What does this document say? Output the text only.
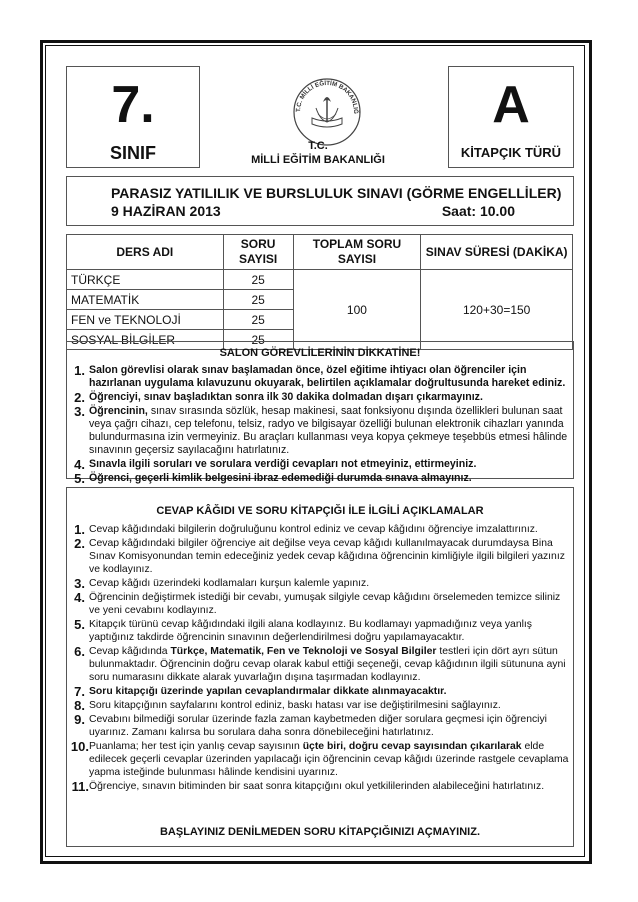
7.
SINIF
T.C. MİLLİ EĞİTİM BAKANLIĞ
T.C.
MİLLİ EĞİTİM BAKANLIĞI
A
KİTAPÇIK TÜRÜ
PARASIZ YATILILIK VE BURSLULUK SINAVI (GÖRME ENGELLİLER)
9 HAZİRAN 2013	Saat: 10.00
DERS ADI	SORU SAYISI	TOPLAM SORU SAYISI	SINAV SÜRESİ (DAKİKA)
TÜRKÇE	25	100	120+30=150
MATEMATİK	25		
FEN ve TEKNOLOJİ	25		
SOSYAL BİLGİLER	25		
SALON GÖREVLİLERİNİN DİKKATİNE!
1. Salon görevlisi olarak sınav başlamadan önce, özel eğitime ihtiyacı olan öğrenciler için hazırlanan uygulama kılavuzunu okuyarak, belirtilen açıklamalar doğrultusunda hareket ediniz.
2. Öğrenciyi, sınav başladıktan sonra ilk 30 dakika dolmadan dışarı çıkarmayınız.
3. Öğrencinin, sınav sırasında sözlük, hesap makinesi, saat fonksiyonu dışında özellikleri bulunan saat veya çağrı cihazı, cep telefonu, telsiz, radyo ve bilgisayar özelliği bulunan elektronik cihazları yanında bulundurmasına izin vermeyiniz. Bu araçları kullanması veya kopya çekmeye teşebbüs etmesi hâlinde sınavının geçersiz sayılacağını hatırlatınız.
4. Sınavla ilgili soruları ve sorulara verdiği cevapları not etmeyiniz, ettirmeyiniz.
5. Öğrenci, geçerli kimlik belgesini ibraz edemediği durumda sınava almayınız.
CEVAP KÂĞIDI VE SORU KİTAPÇIĞI İLE İLGİLİ AÇIKLAMALAR
1. Cevap kâğıdındaki bilgilerin doğruluğunu kontrol ediniz ve cevap kâğıdını öğrenciye imzalattırınız.
2. Cevap kâğıdındaki bilgiler öğrenciye ait değilse veya cevap kâğıdı kullanılmayacak durumdaysa Bina Sınav Komisyonundan temin edeceğiniz yedek cevap kâğıdına öğrencinin kimliğiyle ilgili bilgileri yazınız ve kodlayınız.
3. Cevap kâğıdı üzerindeki kodlamaları kurşun kalemle yapınız.
4. Öğrencinin değiştirmek istediği bir cevabı, yumuşak silgiyle cevap kâğıdını örselemeden temizce siliniz ve yeni cevabını kodlayınız.
5. Kitapçık türünü cevap kâğıdındaki ilgili alana kodlayınız. Bu kodlamayı yapmadığınız veya yanlış yaptığınız takdirde öğrencinin sınavının değerlendirilmesi doğru yapılamayacaktır.
6. Cevap kâğıdında Türkçe, Matematik, Fen ve Teknoloji ve Sosyal Bilgiler testleri için dört ayrı sütun bulunmaktadır. Öğrencinin doğru cevap olarak kabul ettiği seçeneği, cevap kâğıdının ilgili sütununa ayni soru numarasını dikkate alarak yuvarlağın dışına taşırmadan kodlayınız.
7. Soru kitapçığı üzerinde yapılan cevaplandırmalar dikkate alınmayacaktır.
8. Soru kitapçığının sayfalarını kontrol ediniz, baskı hatası var ise değiştirilmesini sağlayınız.
9. Cevabını bilmediği sorular üzerinde fazla zaman kaybetmeden diğer sorulara geçmesi için öğrenciyi uyarınız. Zamanı kalırsa bu sorulara daha sonra dönebileceğini hatırlatınız.
10. Puanlama; her test için yanlış cevap sayısının üçte biri, doğru cevap sayısından çıkarılarak elde edilecek geçerli cevaplar üzerinden yapılacağı için öğrencinin cevap kâğıdı üzerinde rastgele cevaplama yapma isteğinde bulunması hâlinde kendisini uyarınız.
11. Öğrenciye, sınavın bitiminden bir saat sonra kitapçığını okul yetkililerinden alabileceğini hatırlatınız.
BAŞLAYINIZ DENİLMEDEN SORU KİTAPÇIĞINIZI AÇMAYINIZ.
